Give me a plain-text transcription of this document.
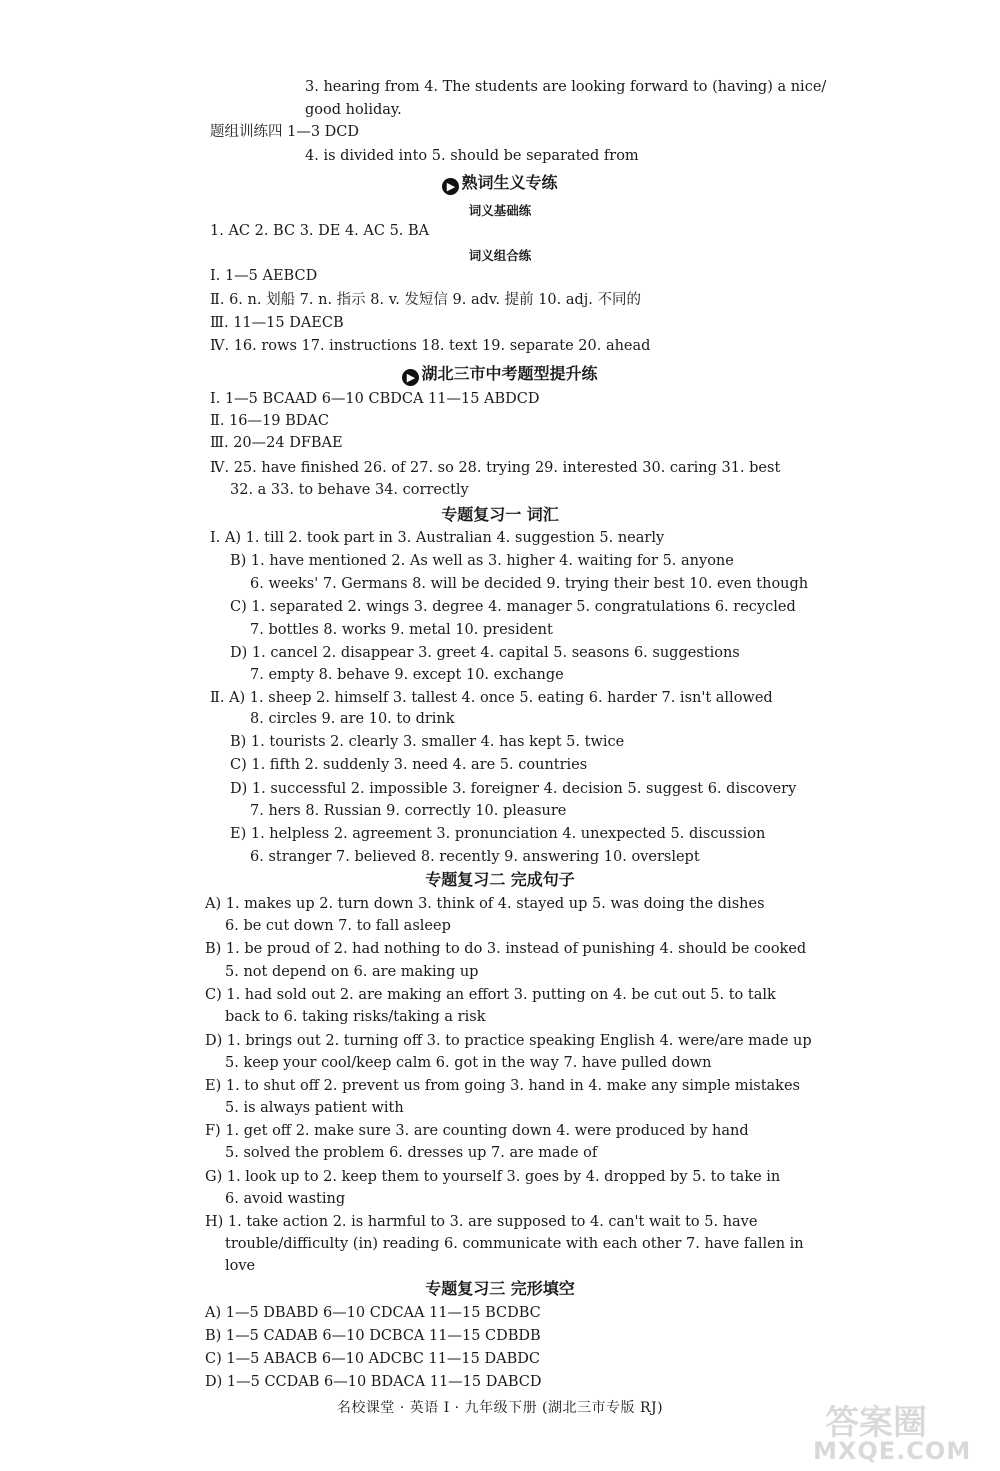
3. hearing from 4. The students are looking forward to (having) a nice/
good holiday.
题组训练四 1—3 DCD
4. is divided into 5. should be separated from
1. AC 2. BC 3. DE 4. AC 5. BA
Ⅰ. 1—5 AEBCD
Ⅱ. 6. n. 划船 7. n. 指示 8. v. 发短信 9. adv. 提前 10. adj. 不同的
Ⅲ. 11—15 DAECB
Ⅳ. 16. rows 17. instructions 18. text 19. separate 20. ahead
Ⅰ. 1—5 BCAAD 6—10 CBDCA 11—15 ABDCD
Ⅱ. 16—19 BDAC
Ⅲ. 20—24 DFBAE
Ⅳ. 25. have finished 26. of 27. so 28. trying 29. interested 30. caring 31. best
32. a 33. to behave 34. correctly
Ⅰ. A) 1. till 2. took part in 3. Australian 4. suggestion 5. nearly
B) 1. have mentioned 2. As well as 3. higher 4. waiting for 5. anyone
6. weeks' 7. Germans 8. will be decided 9. trying their best 10. even though
C) 1. separated 2. wings 3. degree 4. manager 5. congratulations 6. recycled
7. bottles 8. works 9. metal 10. president
D) 1. cancel 2. disappear 3. greet 4. capital 5. seasons 6. suggestions
7. empty 8. behave 9. except 10. exchange
Ⅱ. A) 1. sheep 2. himself 3. tallest 4. once 5. eating 6. harder 7. isn't allowed
8. circles 9. are 10. to drink
B) 1. tourists 2. clearly 3. smaller 4. has kept 5. twice
C) 1. fifth 2. suddenly 3. need 4. are 5. countries
D) 1. successful 2. impossible 3. foreigner 4. decision 5. suggest 6. discovery
7. hers 8. Russian 9. correctly 10. pleasure
E) 1. helpless 2. agreement 3. pronunciation 4. unexpected 5. discussion
6. stranger 7. believed 8. recently 9. answering 10. overslept
A) 1. makes up 2. turn down 3. think of 4. stayed up 5. was doing the dishes
6. be cut down 7. to fall asleep
B) 1. be proud of 2. had nothing to do 3. instead of punishing 4. should be cooked
5. not depend on 6. are making up
C) 1. had sold out 2. are making an effort 3. putting on 4. be cut out 5. to talk
back to 6. taking risks/taking a risk
D) 1. brings out 2. turning off 3. to practice speaking English 4. were/are made up
5. keep your cool/keep calm 6. got in the way 7. have pulled down
E) 1. to shut off 2. prevent us from going 3. hand in 4. make any simple mistakes
5. is always patient with
F) 1. get off 2. make sure 3. are counting down 4. were produced by hand
5. solved the problem 6. dresses up 7. are made of
G) 1. look up to 2. keep them to yourself 3. goes by 4. dropped by 5. to take in
6. avoid wasting
H) 1. take action 2. is harmful to 3. are supposed to 4. can't wait to 5. have
trouble/difficulty (in) reading 6. communicate with each other 7. have fallen in
love
A) 1—5 DBABD 6—10 CDCAA 11—15 BCDBC
B) 1—5 CADAB 6—10 DCBCA 11—15 CDBDB
C) 1—5 ABACB 6—10 ADCBC 11—15 DABDC
D) 1—5 CCDAB 6—10 BDACA 11—15 DABCD
▶ 熟词生义专练
词义基础练
词义组合练
▶ 湖北三市中考题型提升练
专题复习一 词汇
专题复习二 完成句子
专题复习三 完形填空
名校课堂 · 英语 Ⅰ · 九年级下册 (湖北三市专版 RJ)	答案圈
MXQE.COM
